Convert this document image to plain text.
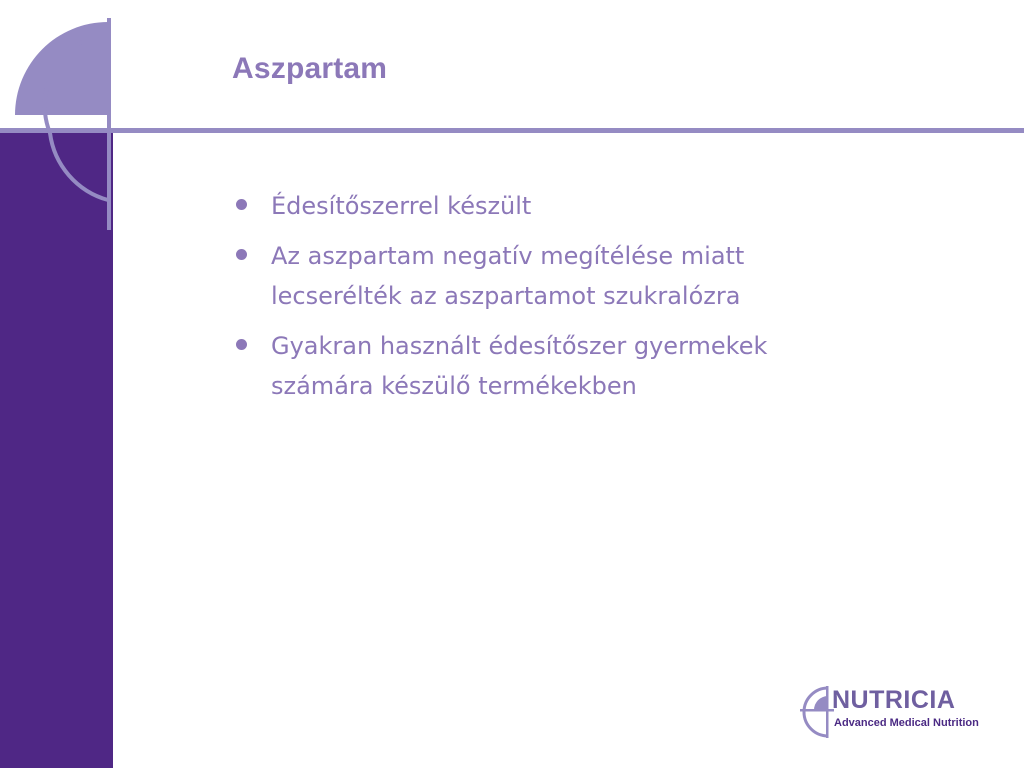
Aszpartam
Édesítőszerrel készült
Az aszpartam negatív megítélése miatt lecserélték az aszpartamot szukralózra
Gyakran használt édesítőszer gyermekek számára készülő termékekben
NUTRICIA
Advanced Medical Nutrition
